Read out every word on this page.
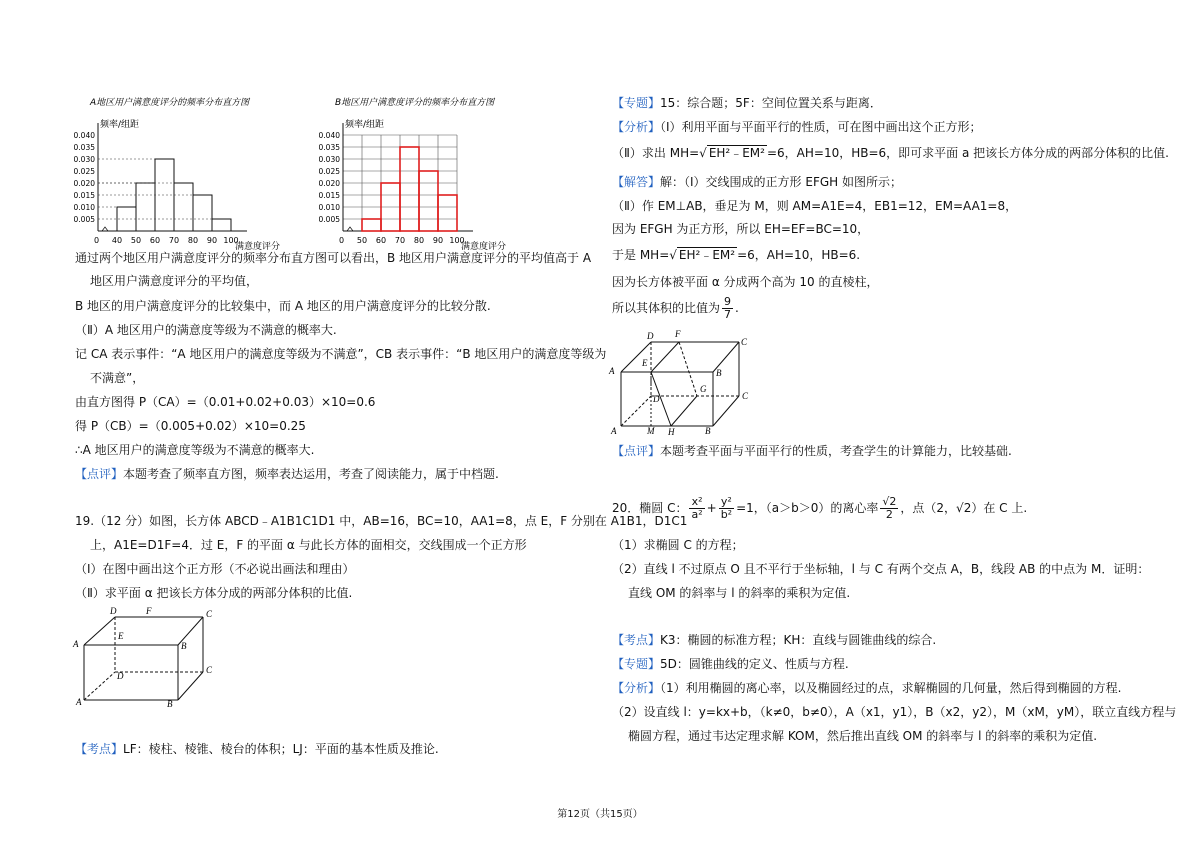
A地区用户满意度评分的频率分布直方图
频率/组距
0.040
0.035
0.030
0.025
0.020
0.015
0.010
0.005
0 40 50 60 70 80 90 100
满意度评分
B地区用户满意度评分的频率分布直方图
频率/组距
0.040
0.035
0.030
0.025
0.020
0.015
0.010
0.005
0 50 60 70 80 90 100
满意度评分
通过两个地区用户满意度评分的频率分布直方图可以看出，B 地区用户满意度评分的平均值高于 A
地区用户满意度评分的平均值，
B 地区的用户满意度评分的比较集中，而 A 地区的用户满意度评分的比较分散.
（Ⅱ）A 地区用户的满意度等级为不满意的概率大.
记 CA 表示事件：“A 地区用户的满意度等级为不满意”，CB 表示事件：“B 地区用户的满意度等级为
不满意”，
由直方图得 P（CA）=（0.01+0.02+0.03）×10=0.6
得 P（CB）=（0.005+0.02）×10=0.25
∴A 地区用户的满意度等级为不满意的概率大.
【点评】本题考查了频率直方图，频率表达运用，考查了阅读能力，属于中档题.
19.（12 分）如图，长方体 ABCD﹣A1B1C1D1 中，AB=16，BC=10，AA1=8，点 E，F 分别在 A1B1，D1C1
上，A1E=D1F=4．过 E，F 的平面 α 与此长方体的面相交，交线围成一个正方形
（Ⅰ）在图中画出这个正方形（不必说出画法和理由）
（Ⅱ）求平面 α 把该长方体分成的两部分体积的比值.
D	F	C
A	B
E
D
C
A	B
【考点】LF：棱柱、棱锥、棱台的体积；LJ：平面的基本性质及推论.
【专题】15：综合题；5F：空间位置关系与距离．
【分析】（Ⅰ）利用平面与平面平行的性质，可在图中画出这个正方形；
（Ⅱ）求出 MH=√ EH²﹣EM² =6，AH=10，HB=6，即可求平面 a 把该长方体分成的两部分体积的比值.
【解答】解：（Ⅰ）交线围成的正方形 EFGH 如图所示；
（Ⅱ）作 EM⊥AB，垂足为 M，则 AM=A1E=4，EB1=12，EM=AA1=8，
因为 EFGH 为正方形，所以 EH=EF=BC=10，
于是 MH=√ EH²﹣EM² =6，AH=10，HB=6.
因为长方体被平面 α 分成两个高为 10 的直棱柱，
所以其体积的比值为 $\frac{9}{7}$ .
D F
C
A	B
E
D
G
C
A	M H	B
【点评】本题考查平面与平面平行的性质，考查学生的计算能力，比较基础.
20．椭圆 C： $\frac{\text{x²}}{\text{a²}} + \frac{\text{y²}}{\text{b²}} =1$，（a＞b＞0）的离心率 $\frac{√2}{2}$ ，点（2，√2）在 C 上.
（1）求椭圆 C 的方程；
（2）直线 l 不过原点 O 且不平行于坐标轴，l 与 C 有两个交点 A，B，线段 AB 的中点为 M．证明：
直线 OM 的斜率与 l 的斜率的乘积为定值.
【考点】K3：椭圆的标准方程；KH：直线与圆锥曲线的综合.
【专题】5D：圆锥曲线的定义、性质与方程.
【分析】（1）利用椭圆的离心率，以及椭圆经过的点，求解椭圆的几何量，然后得到椭圆的方程.
（2）设直线 l：y=kx+b，（k≠0，b≠0），A（x1，y1），B（x2，y2），M（xM，yM），联立直线方程与
椭圆方程，通过韦达定理求解 KOM，然后推出直线 OM 的斜率与 l 的斜率的乘积为定值.
第12页（共15页）
